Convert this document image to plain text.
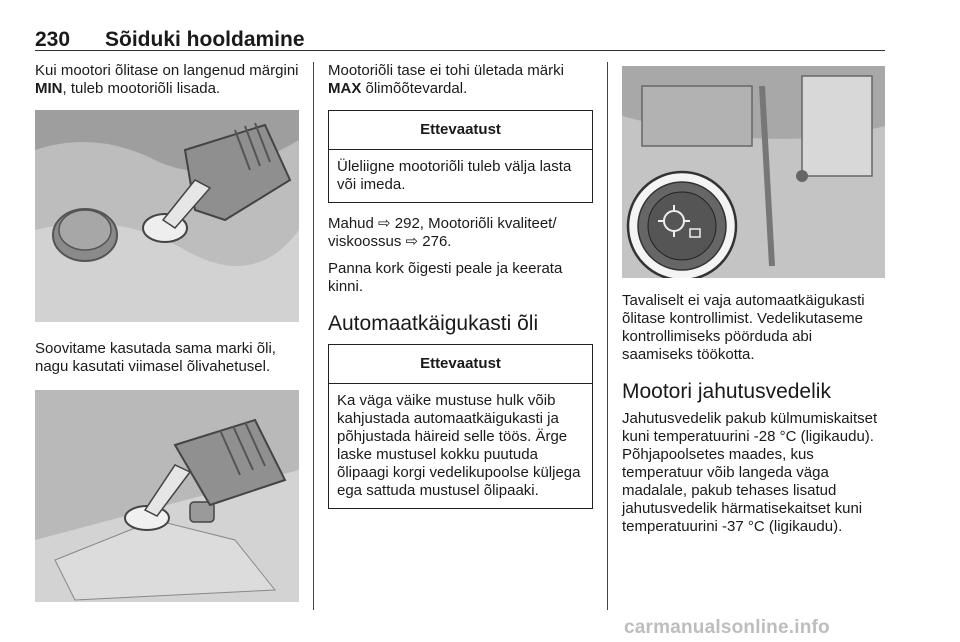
230 Sõiduki hooldamine

Kui mootori õlitase on langenud märgini MIN, tuleb mootoriõli lisada.

Soovitame kasutada sama marki õli, nagu kasutati viimasel õlivahetusel.

Mootoriõli tase ei tohi ületada märki MAX õlimõõtevardal.

Ettevaatust
Üleliigne mootoriõli tuleb välja lasta või imeda.

Mahud ⇨ 292, Mootoriõli kvaliteet/ viskoossus ⇨ 276.

Panna kork õigesti peale ja keerata kinni.

Automaatkäigukasti õli
Ettevaatust
Ka väga väike mustuse hulk võib kahjustada automaatkäigukasti ja põhjustada häireid selle töös. Ärge laske mustusel kokku puutuda õlipaagi korgi vedelikupoolse küljega ega sattuda mustusel õlipaaki.

Tavaliselt ei vaja automaatkäigukasti õlitase kontrollimist. Vedelikutaseme kontrollimiseks pöörduda abi saamiseks töökotta.

Mootori jahutusvedelik

Jahutusvedelik pakub külmumiskaitset kuni temperatuurini -28 °C (ligikaudu). Põhjapoolsetes maades, kus temperatuur võib langeda väga madalale, pakub tehases lisatud jahutusvedelik härmatisekaitset kuni temperatuurini -37 °C (ligikaudu).

carmanualsonline.info
